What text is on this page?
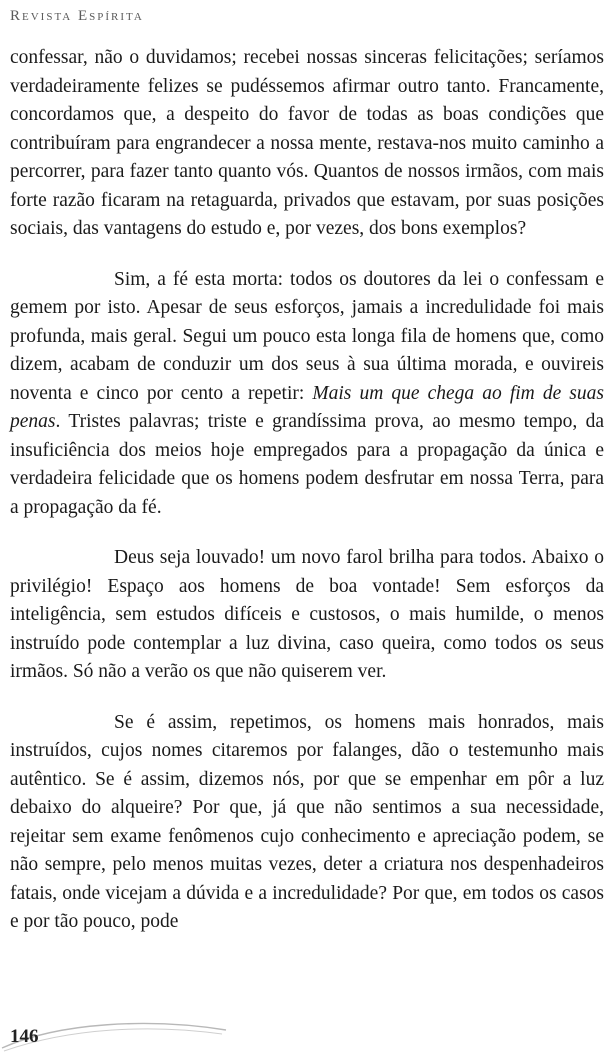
Revista Espírita

confessar, não o duvidamos; recebei nossas sinceras felicitações; seríamos verdadeiramente felizes se pudéssemos afirmar outro tanto. Francamente, concordamos que, a despeito do favor de todas as boas condições que contribuíram para engrandecer a nossa mente, restava-nos muito caminho a percorrer, para fazer tanto quanto vós. Quantos de nossos irmãos, com mais forte razão ficaram na retaguarda, privados que estavam, por suas posições sociais, das vantagens do estudo e, por vezes, dos bons exemplos?

Sim, a fé esta morta: todos os doutores da lei o confessam e gemem por isto. Apesar de seus esforços, jamais a incredulidade foi mais profunda, mais geral. Segui um pouco esta longa fila de homens que, como dizem, acabam de conduzir um dos seus à sua última morada, e ouvireis noventa e cinco por cento a repetir: Mais um que chega ao fim de suas penas. Tristes palavras; triste e grandíssima prova, ao mesmo tempo, da insuficiência dos meios hoje empregados para a propagação da única e verdadeira felicidade que os homens podem desfrutar em nossa Terra, para a propagação da fé.

Deus seja louvado! um novo farol brilha para todos. Abaixo o privilégio! Espaço aos homens de boa vontade! Sem esforços da inteligência, sem estudos difíceis e custosos, o mais humilde, o menos instruído pode contemplar a luz divina, caso queira, como todos os seus irmãos. Só não a verão os que não quiserem ver.

Se é assim, repetimos, os homens mais honrados, mais instruídos, cujos nomes citaremos por falanges, dão o testemunho mais autêntico. Se é assim, dizemos nós, por que se empenhar em pôr a luz debaixo do alqueire? Por que, já que não sentimos a sua necessidade, rejeitar sem exame fenômenos cujo conhecimento e apreciação podem, se não sempre, pelo menos muitas vezes, deter a criatura nos despenhadeiros fatais, onde vicejam a dúvida e a incredulidade? Por que, em todos os casos e por tão pouco, pode

146
